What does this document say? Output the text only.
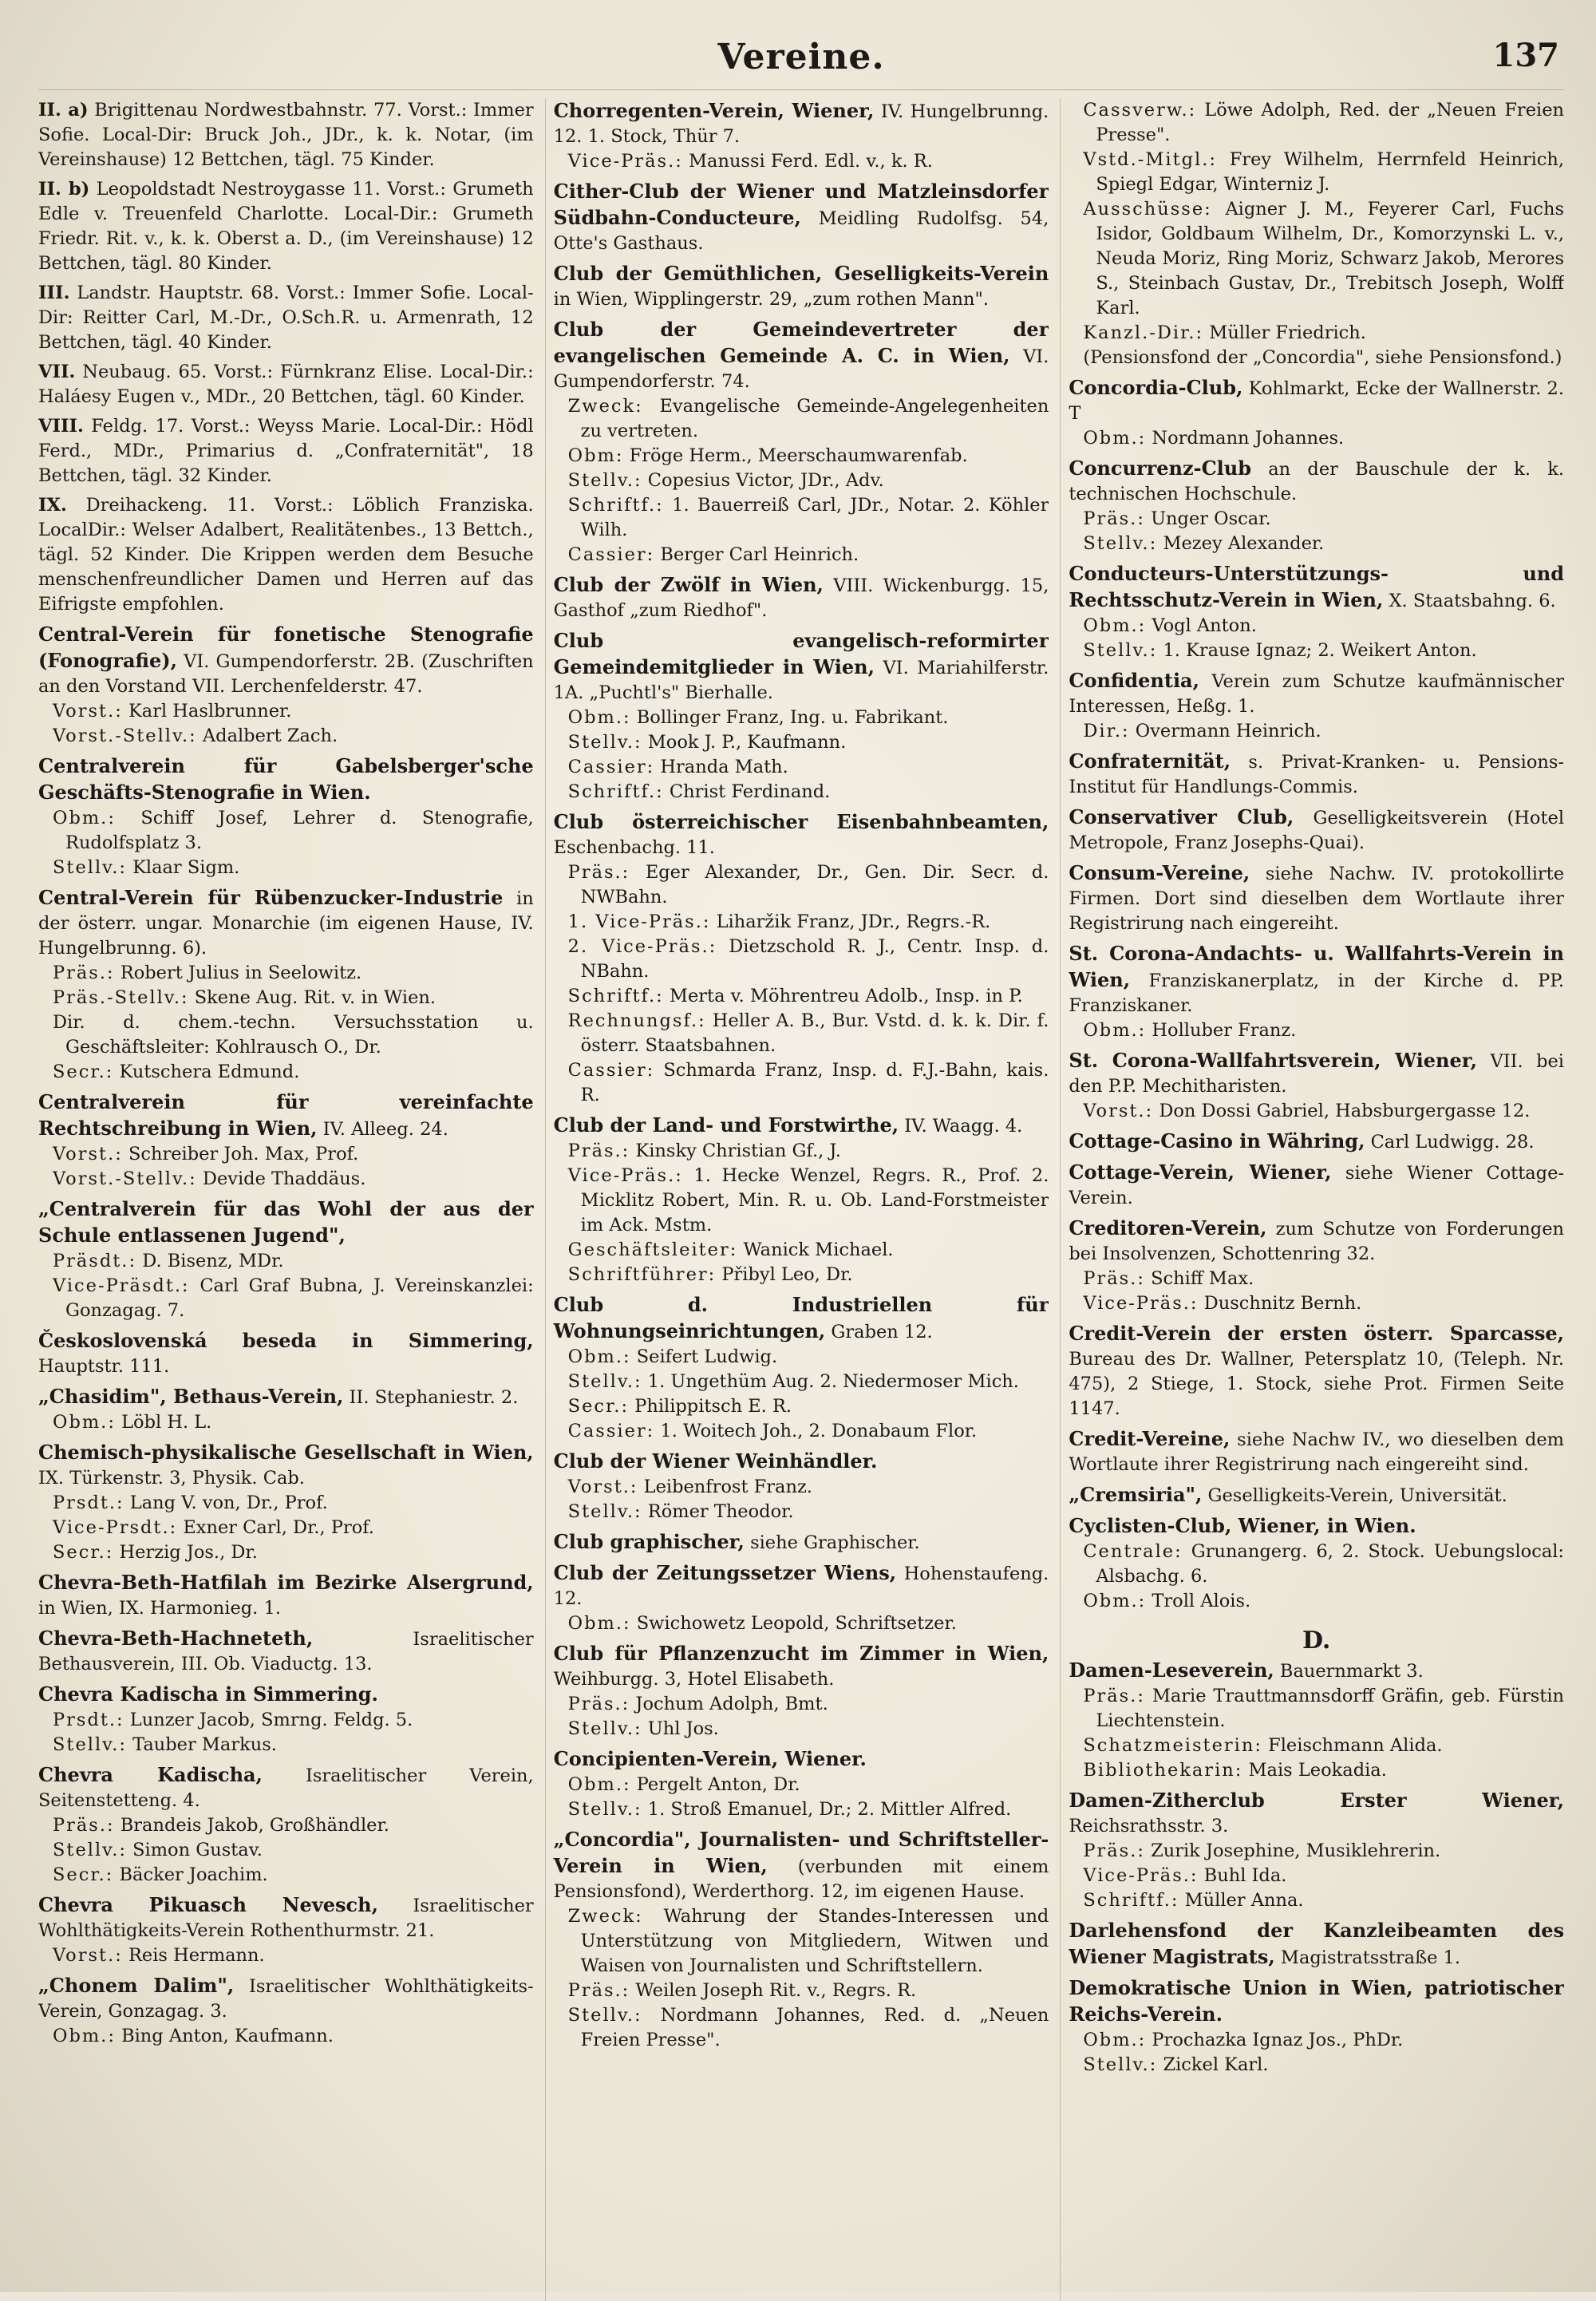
Vereine.	137
II. a) Brigittenau Nordwestbahnstr. 77. Vorst.: Immer Sofie. Local-Dir: Bruck Joh., JDr., k. k. Notar, (im Vereinshause) 12 Bettchen, tägl. 75 Kinder.
II. b) Leopoldstadt Nestroygasse 11. Vorst.: Grumeth Edle v. Treuenfeld Charlotte. Local-Dir.: Grumeth Friedr. Rit. v., k. k. Oberst a. D., (im Vereinshause) 12 Bettchen, tägl. 80 Kinder.
III. Landstr. Hauptstr. 68. Vorst.: Immer Sofie. Local-Dir: Reitter Carl, M.-Dr., O.Sch.R. u. Armenrath, 12 Bettchen, tägl. 40 Kinder.
VII. Neubaug. 65. Vorst.: Fürnkranz Elise. Local-Dir.: Haláesy Eugen v., MDr., 20 Bettchen, tägl. 60 Kinder.
VIII. Feldg. 17. Vorst.: Weyss Marie. Local-Dir.: Hödl Ferd., MDr., Primarius d. „Confraternität", 18 Bettchen, tägl. 32 Kinder.
IX. Dreihackeng. 11. Vorst.: Löblich Franziska. LocalDir.: Welser Adalbert, Realitätenbes., 13 Bettch., tägl. 52 Kinder. Die Krippen werden dem Besuche menschenfreundlicher Damen und Herren auf das Eifrigste empfohlen.
Central-Verein für fonetische Stenografie (Fonografie), VI. Gumpendorferstr. 2B. (Zuschriften an den Vorstand VII. Lerchenfelderstr. 47.
Vorst.: Karl Haslbrunner.
Vorst.-Stellv.: Adalbert Zach.
Centralverein für Gabelsberger'sche Geschäfts-Stenografie in Wien.
Obm.: Schiff Josef, Lehrer d. Stenografie, Rudolfsplatz 3.
Stellv.: Klaar Sigm.
Central-Verein für Rübenzucker-Industrie in der österr. ungar. Monarchie (im eigenen Hause, IV. Hungelbrunng. 6).
Präs.: Robert Julius in Seelowitz.
Präs.-Stellv.: Skene Aug. Rit. v. in Wien.
Dir. d. chem.-techn. Versuchsstation u. Geschäftsleiter: Kohlrausch O., Dr.
Secr.: Kutschera Edmund.
Centralverein für vereinfachte Rechtschreibung in Wien, IV. Alleeg. 24.
Vorst.: Schreiber Joh. Max, Prof.
Vorst.-Stellv.: Devide Thaddäus.
„Centralverein für das Wohl der aus der Schule entlassenen Jugend",
Präsdt.: D. Bisenz, MDr.
Vice-Präsdt.: Carl Graf Bubna, J. Vereinskanzlei: Gonzagag. 7.
Československá beseda in Simmering, Hauptstr. 111.
„Chasidim", Bethaus-Verein, II. Stephaniestr. 2.
Obm.: Löbl H. L.
Chemisch-physikalische Gesellschaft in Wien, IX. Türkenstr. 3, Physik. Cab.
Prsdt.: Lang V. von, Dr., Prof.
Vice-Prsdt.: Exner Carl, Dr., Prof.
Secr.: Herzig Jos., Dr.
Chevra-Beth-Hatfilah im Bezirke Alsergrund, in Wien, IX. Harmonieg. 1.
Chevra-Beth-Hachneteth,	Israelitischer Bethausverein, III. Ob. Viaductg. 13.
Chevra Kadischa in Simmering.
Prsdt.: Lunzer Jacob, Smrng. Feldg. 5.
Stellv.: Tauber Markus.
Chevra Kadischa, Israelitischer Verein, Seitenstetteng. 4.
Präs.: Brandeis Jakob, Großhändler.
Stellv.: Simon Gustav.
Secr.: Bäcker Joachim.
Chevra Pikuasch Nevesch, Israelitischer Wohlthätigkeits-Verein Rothenthurmstr. 21.
Vorst.: Reis Hermann.
„Chonem Dalim", Israelitischer Wohlthätigkeits-Verein, Gonzagag. 3.
Obm.: Bing Anton, Kaufmann.
Chorregenten-Verein, Wiener, IV. Hungelbrunng. 12. 1. Stock, Thür 7.
Vice-Präs.: Manussi Ferd. Edl. v., k. R.
Cither-Club der Wiener und Matzleinsdorfer Südbahn-Conducteure, Meidling Rudolfsg. 54, Otte's Gasthaus.
Club der Gemüthlichen, Geselligkeits-Verein in Wien, Wipplingerstr. 29, „zum rothen Mann".
Club der Gemeindevertreter der evangelischen Gemeinde A. C. in Wien, VI. Gumpendorferstr. 74.
Zweck: Evangelische Gemeinde-Angelegenheiten zu vertreten.
Obm: Fröge Herm., Meerschaumwarenfab.
Stellv.: Copesius Victor, JDr., Adv.
Schriftf.: 1. Bauerreiß Carl, JDr., Notar. 2. Köhler Wilh.
Cassier: Berger Carl Heinrich.
Club der Zwölf in Wien, VIII. Wickenburgg. 15, Gasthof „zum Riedhof".
Club evangelisch-reformirter Gemeindemitglieder in Wien, VI. Mariahilferstr. 1A. „Puchtl's" Bierhalle.
Obm.: Bollinger Franz, Ing. u. Fabrikant.
Stellv.: Mook J. P., Kaufmann.
Cassier: Hranda Math.
Schriftf.: Christ Ferdinand.
Club österreichischer Eisenbahnbeamten, Eschenbachg. 11.
Präs.: Eger Alexander, Dr., Gen. Dir. Secr. d. NWBahn.
1. Vice-Präs.: Liharžik Franz, JDr., Regrs.-R.
2. Vice-Präs.: Dietzschold R. J., Centr. Insp. d. NBahn.
Schriftf.: Merta v. Möhrentreu Adolb., Insp. in P.
Rechnungsf.: Heller A. B., Bur. Vstd. d. k. k. Dir. f. österr. Staatsbahnen.
Cassier: Schmarda Franz, Insp. d. F.J.-Bahn, kais. R.
Club der Land- und Forstwirthe, IV. Waagg. 4.
Präs.: Kinsky Christian Gf., J.
Vice-Präs.: 1. Hecke Wenzel, Regrs. R., Prof. 2. Micklitz Robert, Min. R. u. Ob. Land-Forstmeister im Ack. Mstm.
Geschäftsleiter: Wanick Michael.
Schriftführer: Přibyl Leo, Dr.
Club d. Industriellen für Wohnungseinrichtungen, Graben 12.
Obm.: Seifert Ludwig.
Stellv.: 1. Ungethüm Aug. 2. Niedermoser Mich.
Secr.: Philippitsch E. R.
Cassier: 1. Woitech Joh., 2. Donabaum Flor.
Club der Wiener Weinhändler.
Vorst.: Leibenfrost Franz.
Stellv.: Römer Theodor.
Club graphischer, siehe Graphischer.
Club der Zeitungssetzer Wiens, Hohenstaufeng. 12.
Obm.: Swichowetz Leopold, Schriftsetzer.
Club für Pflanzenzucht im Zimmer in Wien, Weihburgg. 3, Hotel Elisabeth.
Präs.: Jochum Adolph, Bmt.
Stellv.: Uhl Jos.
Concipienten-Verein, Wiener.
Obm.: Pergelt Anton, Dr.
Stellv.: 1. Stroß Emanuel, Dr.; 2. Mittler Alfred.
„Concordia", Journalisten- und Schriftsteller-Verein in Wien, (verbunden mit einem Pensionsfond), Werderthorg. 12, im eigenen Hause.
Zweck: Wahrung der Standes-Interessen und Unterstützung von Mitgliedern, Witwen und Waisen von Journalisten und Schriftstellern.
Präs.: Weilen Joseph Rit. v., Regrs. R.
Stellv.: Nordmann Johannes, Red. d. „Neuen Freien Presse".
Cassverw.: Löwe Adolph, Red. der „Neuen Freien Presse".
Vstd.-Mitgl.: Frey Wilhelm, Herrnfeld Heinrich, Spiegl Edgar, Winterniz J.
Ausschüsse: Aigner J. M., Feyerer Carl, Fuchs Isidor, Goldbaum Wilhelm, Dr., Komorzynski L. v., Neuda Moriz, Ring Moriz, Schwarz Jakob, Merores S., Steinbach Gustav, Dr., Trebitsch Joseph, Wolff Karl.
Kanzl.-Dir.: Müller Friedrich.
(Pensionsfond der „Concordia", siehe Pensionsfond.)
Concordia-Club, Kohlmarkt, Ecke der Wallnerstr. 2. T
Obm.: Nordmann Johannes.
Concurrenz-Club an der Bauschule der k. k. technischen Hochschule.
Präs.: Unger Oscar.
Stellv.: Mezey Alexander.
Conducteurs-Unterstützungs- und Rechtsschutz-Verein in Wien, X. Staatsbahng. 6.
Obm.: Vogl Anton.
Stellv.: 1. Krause Ignaz; 2. Weikert Anton.
Confidentia, Verein zum Schutze kaufmännischer Interessen, Heßg. 1.
Dir.: Overmann Heinrich.
Confraternität, s. Privat-Kranken- u. Pensions-Institut für Handlungs-Commis.
Conservativer Club, Geselligkeitsverein (Hotel Metropole, Franz Josephs-Quai).
Consum-Vereine, siehe Nachw. IV. protokollirte Firmen. Dort sind dieselben dem Wortlaute ihrer Registrirung nach eingereiht.
St. Corona-Andachts- u. Wallfahrts-Verein in Wien, Franziskanerplatz, in der Kirche d. PP. Franziskaner.
Obm.: Holluber Franz.
St. Corona-Wallfahrtsverein, Wiener, VII. bei den P.P. Mechitharisten.
Vorst.: Don Dossi Gabriel, Habsburgergasse 12.
Cottage-Casino in Währing, Carl Ludwigg. 28.
Cottage-Verein, Wiener, siehe Wiener Cottage-Verein.
Creditoren-Verein, zum Schutze von Forderungen bei Insolvenzen, Schottenring 32.
Präs.: Schiff Max.
Vice-Präs.: Duschnitz Bernh.
Credit-Verein der ersten österr. Sparcasse, Bureau des Dr. Wallner, Petersplatz 10, (Teleph. Nr. 475), 2 Stiege, 1. Stock, siehe Prot. Firmen Seite 1147.
Credit-Vereine, siehe Nachw IV., wo dieselben dem Wortlaute ihrer Registrirung nach eingereiht sind.
„Cremsiria", Geselligkeits-Verein, Universität.
Cyclisten-Club, Wiener, in Wien.
Centrale: Grunangerg. 6, 2. Stock. Uebungslocal: Alsbachg. 6.
Obm.: Troll Alois.
D.
Damen-Leseverein, Bauernmarkt 3.
Präs.: Marie Trauttmannsdorff Gräfin, geb. Fürstin Liechtenstein.
Schatzmeisterin: Fleischmann Alida.
Bibliothekarin: Mais Leokadia.
Damen-Zitherclub Erster Wiener, Reichsrathsstr. 3.
Präs.: Zurik Josephine, Musiklehrerin.
Vice-Präs.: Buhl Ida.
Schriftf.: Müller Anna.
Darlehensfond der Kanzleibeamten des Wiener Magistrats, Magistratsstraße 1.
Demokratische Union in Wien, patriotischer Reichs-Verein.
Obm.: Prochazka Ignaz Jos., PhDr.
Stellv.: Zickel Karl.
